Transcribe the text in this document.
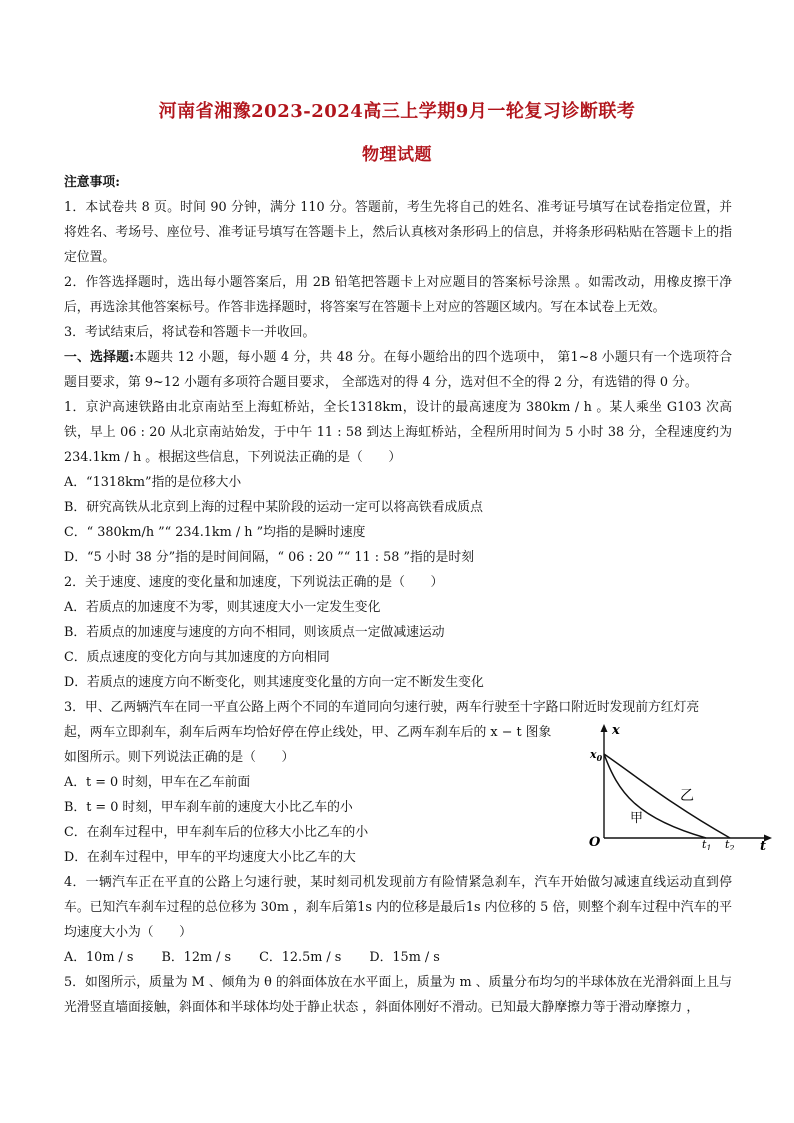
河南省湘豫2023-2024高三上学期9月一轮复习诊断联考
物理试题

注意事项:

1．本试卷共 8 页。时间 90 分钟，满分 110 分。答题前，考生先将自己的姓名、准考证号填写在试卷指定位置，并将姓名、考场号、座位号、准考证号填写在答题卡上，然后认真核对条形码上的信息，并将条形码粘贴在答题卡上的指定位置。

2．作答选择题时，选出每小题答案后，用 2B 铅笔把答题卡上对应题目的答案标号涂黑 。如需改动，用橡皮擦干净后，再选涂其他答案标号。作答非选择题时，将答案写在答题卡上对应的答题区域内。写在本试卷上无效。

3．考试结束后，将试卷和答题卡一并收回。

一、选择题:本题共 12 小题，每小题 4 分，共 48 分。在每小题给出的四个选项中， 第1~8 小题只有一个选项符合题目要求，第 9~12 小题有多项符合题目要求， 全部选对的得 4 分，选对但不全的得 2 分，有选错的得 0 分。

1．京沪高速铁路由北京南站至上海虹桥站，全长1318km，设计的最高速度为 380km / h 。某人乘坐 G103 次高铁，早上 06 : 20 从北京南站始发，于中午 11 : 58 到达上海虹桥站，全程所用时间为 5 小时 38 分，全程速度约为 234.1km / h 。根据这些信息，下列说法正确的是（　　）

A．“1318km”指的是位移大小

B．研究高铁从北京到上海的过程中某阶段的运动一定可以将高铁看成质点

C．“ 380km/h ”“ 234.1km / h ”均指的是瞬时速度

D．“5 小时 38 分”指的是时间间隔，“ 06 : 20 ”“ 11 : 58 ”指的是时刻

2．关于速度、速度的变化量和加速度，下列说法正确的是（　　）

A．若质点的加速度不为零，则其速度大小一定发生变化

B．若质点的加速度与速度的方向不相同，则该质点一定做减速运动

C．质点速度的变化方向与其加速度的方向相同

D．若质点的速度方向不断变化，则其速度变化量的方向一定不断发生变化

3．甲、乙两辆汽车在同一平直公路上两个不同的车道同向匀速行驶，两车行驶至十字路口附近时发现前方红灯亮

起，两车立即刹车，刹车后两车均恰好停在停止线处，甲、乙两车刹车后的 x − t 图象

如图所示。则下列说法正确的是（　　）

A．t = 0 时刻，甲车在乙车前面

B．t = 0 时刻，甲车刹车前的速度大小比乙车的小

C．在刹车过程中，甲车刹车后的位移大小比乙车的小

D．在刹车过程中，甲车的平均速度大小比乙车的大

x
$x_0$
乙
甲
O	$t_1$ $t_2$ t

4．一辆汽车正在平直的公路上匀速行驶，某时刻司机发现前方有险情紧急刹车，汽车开始做匀减速直线运动直到停车。已知汽车刹车过程的总位移为 30m ，刹车后第1s 内的位移是最后1s 内位移的 5 倍，则整个刹车过程中汽车的平均速度大小为（　　）

A．10m / s B．12m / s C．12.5m / s D．15m / s

5．如图所示，质量为 M 、倾角为 θ 的斜面体放在水平面上，质量为 m 、质量分布均匀的半球体放在光滑斜面上且与光滑竖直墙面接触，斜面体和半球体均处于静止状态 ，斜面体刚好不滑动。已知最大静摩擦力等于滑动摩擦力 ，
